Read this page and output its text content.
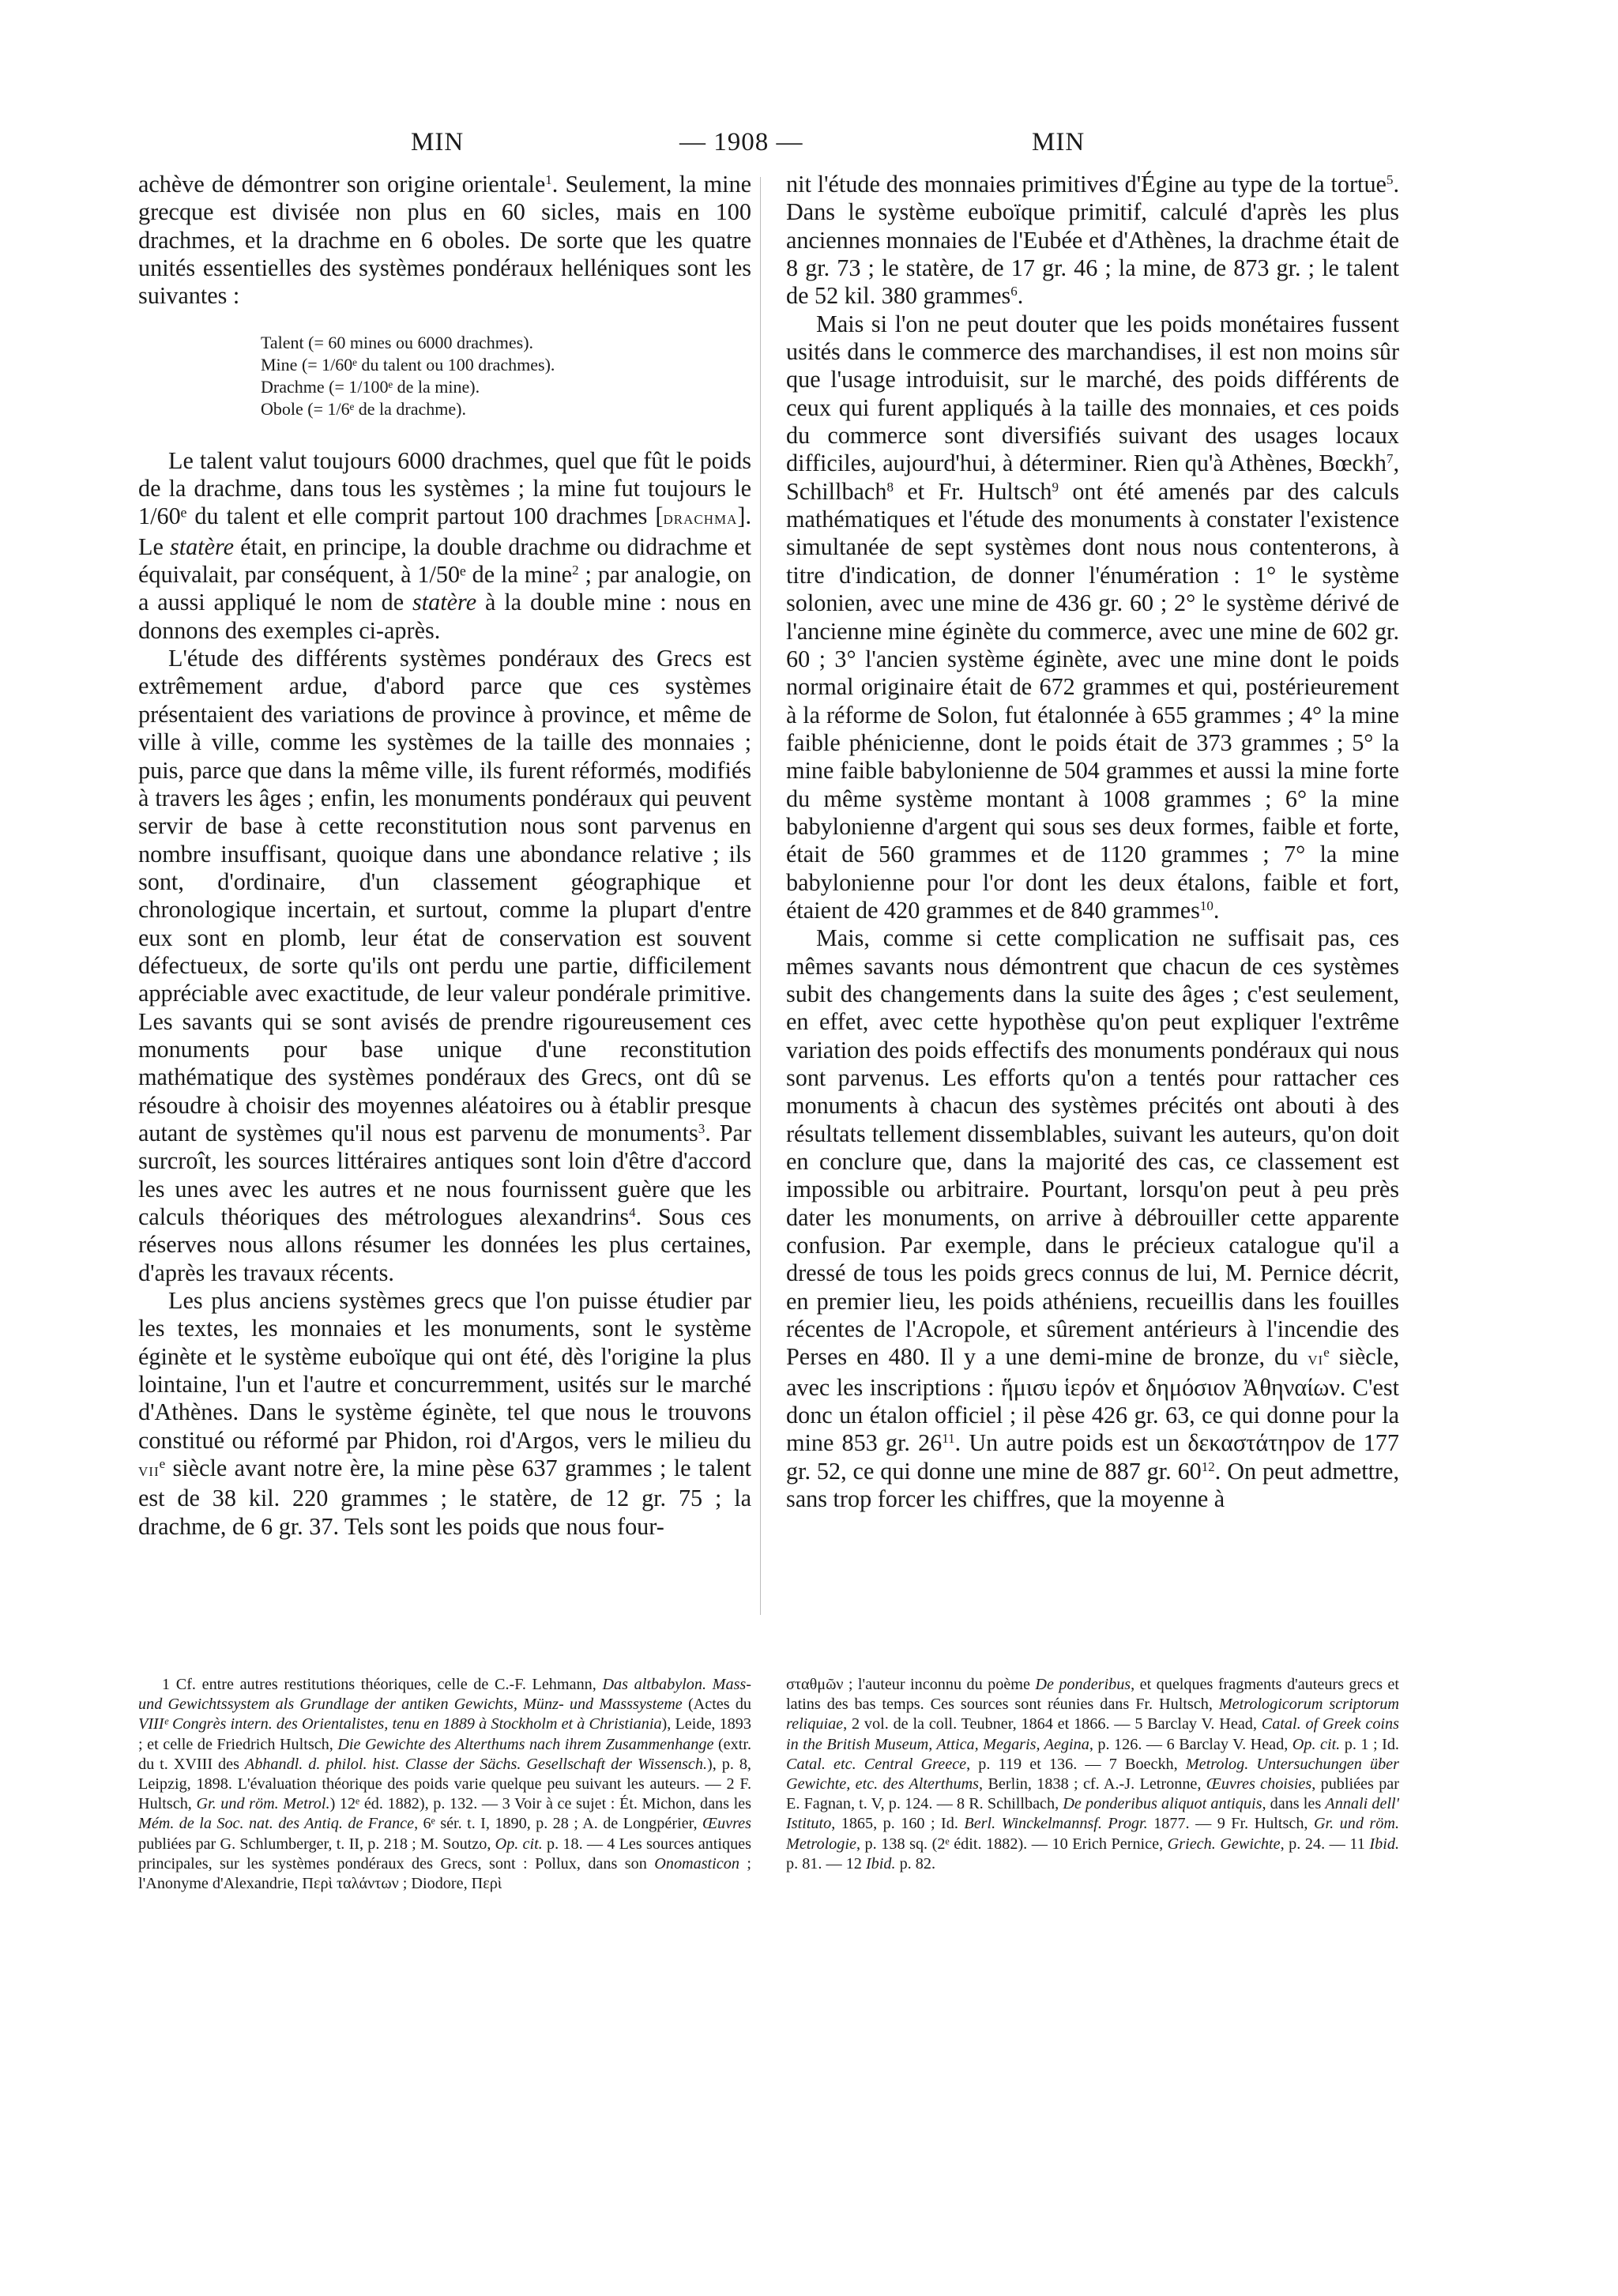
MIN	— 1908 —	MIN

achève de démontrer son origine orientale$^1$. Seulement, la mine grecque est divisée non plus en 60 sicles, mais en 100 drachmes, et la drachme en 6 oboles. De sorte que les quatre unités essentielles des systèmes pondéraux helléniques sont les suivantes :

Talent (= 60 mines ou 6000 drachmes).
Mine (= 1/60ᵉ du talent ou 100 drachmes).
Drachme (= 1/100ᵉ de la mine).
Obole (= 1/6ᵉ de la drachme).

Le talent valut toujours 6000 drachmes, quel que fût le poids de la drachme, dans tous les systèmes ; la mine fut toujours le 1/60ᵉ du talent et elle comprit partout 100 drachmes [drachma]. Le statère était, en principe, la double drachme ou didrachme et équivalait, par conséquent, à 1/50ᵉ de la mine$^2$ ; par analogie, on a aussi appliqué le nom de statère à la double mine : nous en donnons des exemples ci-après.

L'étude des différents systèmes pondéraux des Grecs est extrêmement ardue, d'abord parce que ces systèmes présentaient des variations de province à province, et même de ville à ville, comme les systèmes de la taille des monnaies ; puis, parce que dans la même ville, ils furent réformés, modifiés à travers les âges ; enfin, les monuments pondéraux qui peuvent servir de base à cette reconstitution nous sont parvenus en nombre insuffisant, quoique dans une abondance relative ; ils sont, d'ordinaire, d'un classement géographique et chronologique incertain, et surtout, comme la plupart d'entre eux sont en plomb, leur état de conservation est souvent défectueux, de sorte qu'ils ont perdu une partie, difficilement appréciable avec exactitude, de leur valeur pondérale primitive. Les savants qui se sont avisés de prendre rigoureusement ces monuments pour base unique d'une reconstitution mathématique des systèmes pondéraux des Grecs, ont dû se résoudre à choisir des moyennes aléatoires ou à établir presque autant de systèmes qu'il nous est parvenu de monuments$^3$. Par surcroît, les sources littéraires antiques sont loin d'être d'accord les unes avec les autres et ne nous fournissent guère que les calculs théoriques des métrologues alexandrins$^4$. Sous ces réserves nous allons résumer les données les plus certaines, d'après les travaux récents.

Les plus anciens systèmes grecs que l'on puisse étudier par les textes, les monnaies et les monuments, sont le système éginète et le système euboïque qui ont été, dès l'origine la plus lointaine, l'un et l'autre et concurremment, usités sur le marché d'Athènes. Dans le système éginète, tel que nous le trouvons constitué ou réformé par Phidon, roi d'Argos, vers le milieu du vii$^e$ siècle avant notre ère, la mine pèse 637 grammes ; le talent est de 38 kil. 220 grammes ; le statère, de 12 gr. 75 ; la drachme, de 6 gr. 37. Tels sont les poids que nous four-

nit l'étude des monnaies primitives d'Égine au type de la tortue$^5$. Dans le système euboïque primitif, calculé d'après les plus anciennes monnaies de l'Eubée et d'Athènes, la drachme était de 8 gr. 73 ; le statère, de 17 gr. 46 ; la mine, de 873 gr. ; le talent de 52 kil. 380 grammes$^6$.

Mais si l'on ne peut douter que les poids monétaires fussent usités dans le commerce des marchandises, il est non moins sûr que l'usage introduisit, sur le marché, des poids différents de ceux qui furent appliqués à la taille des monnaies, et ces poids du commerce sont diversifiés suivant des usages locaux difficiles, aujourd'hui, à déterminer. Rien qu'à Athènes, Bœckh$^7$, Schillbach$^8$ et Fr. Hultsch$^9$ ont été amenés par des calculs mathématiques et l'étude des monuments à constater l'existence simultanée de sept systèmes dont nous nous contenterons, à titre d'indication, de donner l'énumération : 1° le système solonien, avec une mine de 436 gr. 60 ; 2° le système dérivé de l'ancienne mine éginète du commerce, avec une mine de 602 gr. 60 ; 3° l'ancien système éginète, avec une mine dont le poids normal originaire était de 672 grammes et qui, postérieurement à la réforme de Solon, fut étalonnée à 655 grammes ; 4° la mine faible phénicienne, dont le poids était de 373 grammes ; 5° la mine faible babylonienne de 504 grammes et aussi la mine forte du même système montant à 1008 grammes ; 6° la mine babylonienne d'argent qui sous ses deux formes, faible et forte, était de 560 grammes et de 1120 grammes ; 7° la mine babylonienne pour l'or dont les deux étalons, faible et fort, étaient de 420 grammes et de 840 grammes$^{10}$.

Mais, comme si cette complication ne suffisait pas, ces mêmes savants nous démontrent que chacun de ces systèmes subit des changements dans la suite des âges ; c'est seulement, en effet, avec cette hypothèse qu'on peut expliquer l'extrême variation des poids effectifs des monuments pondéraux qui nous sont parvenus. Les efforts qu'on a tentés pour rattacher ces monuments à chacun des systèmes précités ont abouti à des résultats tellement dissemblables, suivant les auteurs, qu'on doit en conclure que, dans la majorité des cas, ce classement est impossible ou arbitraire. Pourtant, lorsqu'on peut à peu près dater les monuments, on arrive à débrouiller cette apparente confusion. Par exemple, dans le précieux catalogue qu'il a dressé de tous les poids grecs connus de lui, M. Pernice décrit, en premier lieu, les poids athéniens, recueillis dans les fouilles récentes de l'Acropole, et sûrement antérieurs à l'incendie des Perses en 480. Il y a une demi-mine de bronze, du $vi^e$ siècle, avec les inscriptions : ἥμισυ ἱερόν et δημόσιον Ἀθηναίων. C'est donc un étalon officiel ; il pèse 426 gr. 63, ce qui donne pour la mine 853 gr. $26^{11}$. Un autre poids est un δεκαστάτηρον de 177 gr. 52, ce qui donne une mine de 887 gr. $60^{12}$. On peut admettre, sans trop forcer les chiffres, que la moyenne à

1 Cf. entre autres restitutions théoriques, celle de C.-F. Lehmann, Das altbabylon. Mass- und Gewichtssystem als Grundlage der antiken Gewichts, Münz- und Masssysteme (Actes du VIIIᵉ Congrès intern. des Orientalistes, tenu en 1889 à Stockholm et à Christiania), Leide, 1893 ; et celle de Friedrich Hultsch, Die Gewichte des Alterthums nach ihrem Zusammenhange (extr. du t. XVIII des Abhandl. d. philol. hist. Classe der Sächs. Gesellschaft der Wissensch.), p. 8, Leipzig, 1898. L'évaluation théorique des poids varie quelque peu suivant les auteurs. — 2 F. Hultsch, Gr. und röm. Metrol.) 12ᵉ éd. 1882), p. 132. — 3 Voir à ce sujet : Ét. Michon, dans les Mém. de la Soc. nat. des Antiq. de France, 6ᵉ sér. t. I, 1890, p. 28 ; A. de Longpérier, Œuvres publiées par G. Schlumberger, t. II, p. 218 ; M. Soutzo, Op. cit. p. 18. — 4 Les sources antiques principales, sur les systèmes pondéraux des Grecs, sont : Pollux, dans son Onomasticon ; l'Anonyme d'Alexandrie, Περὶ ταλάντων ; Diodore, Περὶ

σταθμῶν ; l'auteur inconnu du poème De ponderibus, et quelques fragments d'auteurs grecs et latins des bas temps. Ces sources sont réunies dans Fr. Hultsch, Metrologicorum scriptorum reliquiae, 2 vol. de la coll. Teubner, 1864 et 1866. — 5 Barclay V. Head, Catal. of Greek coins in the British Museum, Attica, Megaris, Aegina, p. 126. — 6 Barclay V. Head, Op. cit. p. 1 ; Id. Catal. etc. Central Greece, p. 119 et 136. — 7 Boeckh, Metrolog. Untersuchungen über Gewichte, etc. des Alterthums, Berlin, 1838 ; cf. A.-J. Letronne, Œuvres choisies, publiées par E. Fagnan, t. V, p. 124. — 8 R. Schillbach, De ponderibus aliquot antiquis, dans les Annali dell' Istituto, 1865, p. 160 ; Id. Berl. Winckelmannsf. Progr. 1877. — 9 Fr. Hultsch, Gr. und röm. Metrologie, p. 138 sq. (2ᵉ édit. 1882). — 10 Erich Pernice, Griech. Gewichte, p. 24. — 11 Ibid. p. 81. — 12 Ibid. p. 82.
